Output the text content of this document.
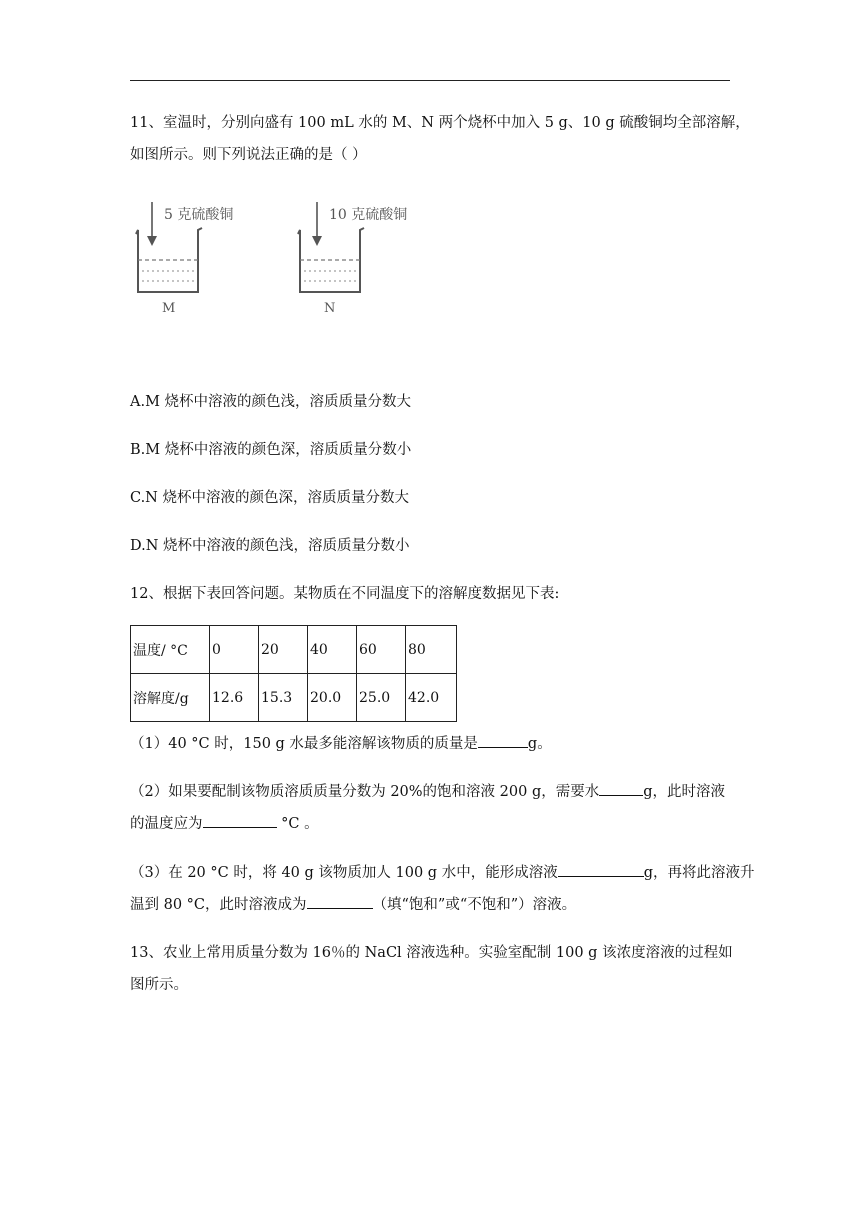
11、室温时，分别向盛有 100 mL 水的 M、N 两个烧杯中加入 5 g、10 g 硫酸铜均全部溶解，
如图所示。则下列说法正确的是（ ）
5 克硫酸铜
M
10 克硫酸铜
N
A.M 烧杯中溶液的颜色浅，溶质质量分数大
B.M 烧杯中溶液的颜色深，溶质质量分数小
C.N 烧杯中溶液的颜色深，溶质质量分数大
D.N 烧杯中溶液的颜色浅，溶质质量分数小
12、根据下表回答问题。某物质在不同温度下的溶解度数据见下表:
温度/ °C	0	20	40	60	80
溶解度/g	12.6	15.3	20.0	25.0	42.0
（1）40 °C 时，150 g 水最多能溶解该物质的质量是	g。
（2）如果要配制该物质溶质质量分数为 20%的饱和溶液 200 g，需要水	g，此时溶液
的温度应为	°C 。
（3）在 20 °C 时，将 40 g 该物质加人 100 g 水中，能形成溶液	g，再将此溶液升
温到 80 °C，此时溶液成为	（填“饱和”或“不饱和”）溶液。
13、农业上常用质量分数为 16％的 NaCl 溶液选种。实验室配制 100 g 该浓度溶液的过程如
图所示。
